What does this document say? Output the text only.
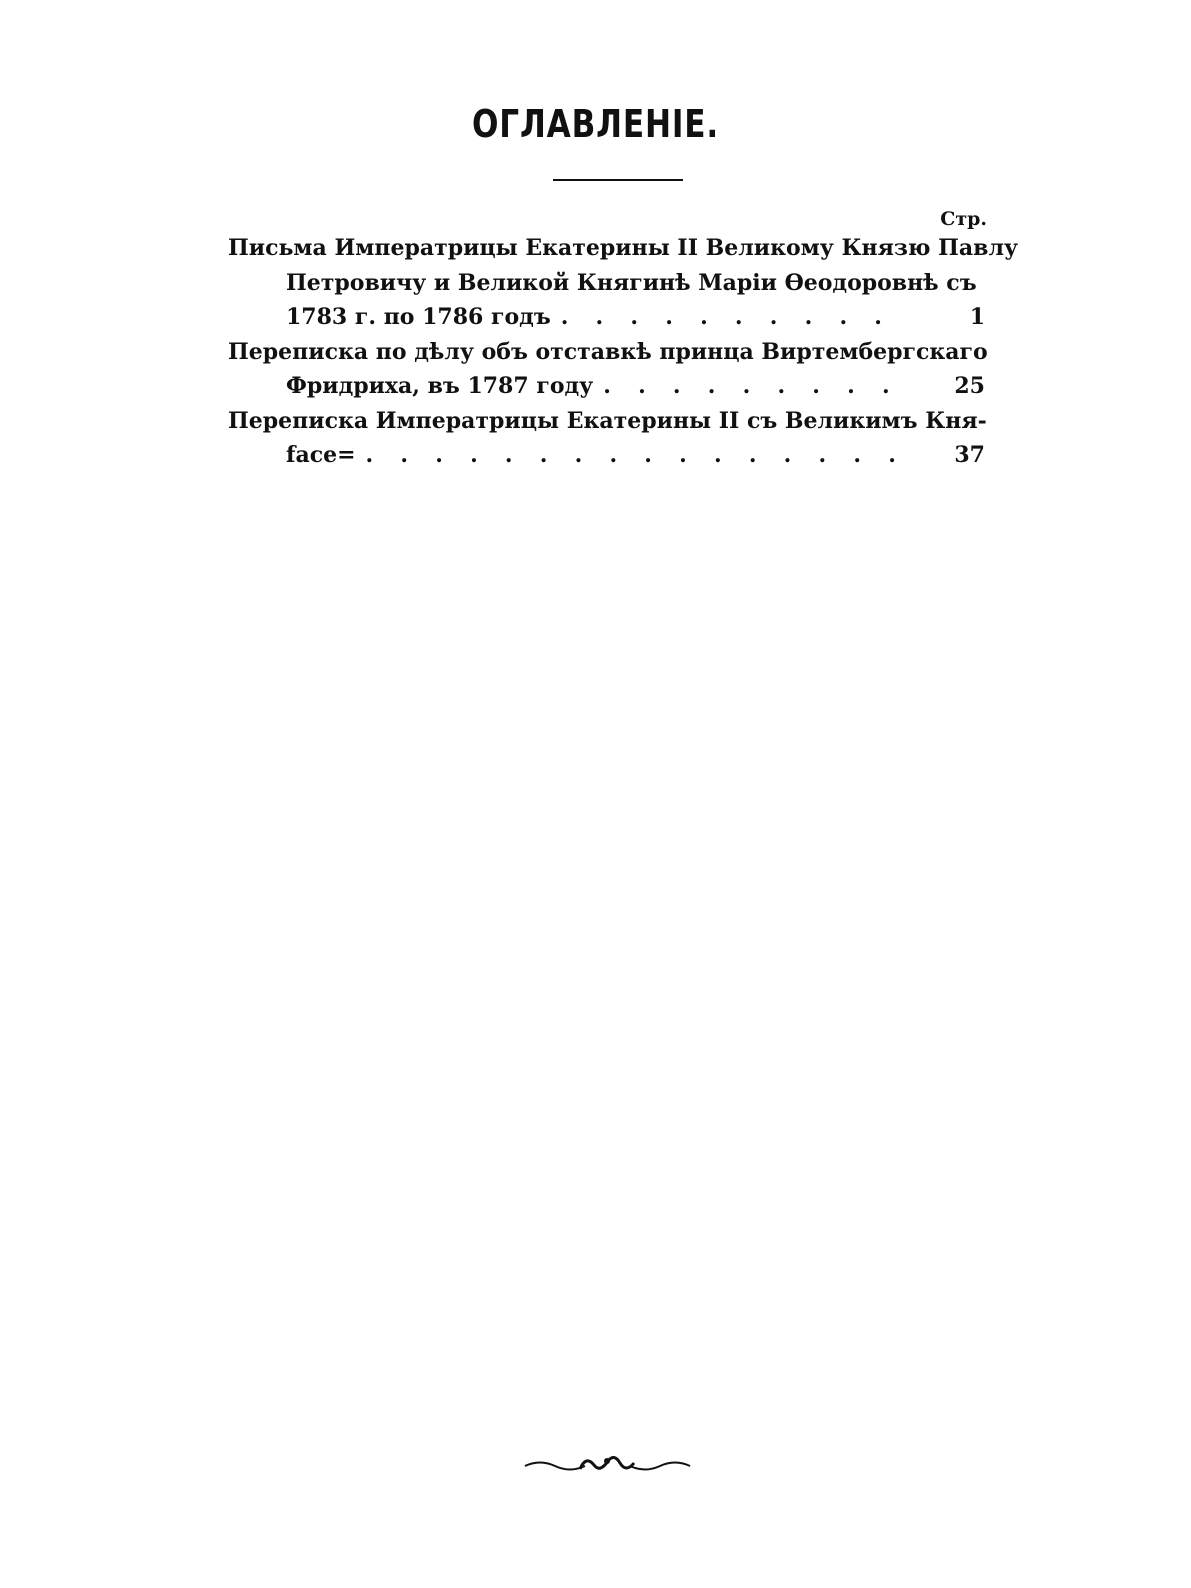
ОГЛАВЛЕНІЕ.
Стр.
Письма Императрицы Екатерины II Великому Князю Павлу
Петровичу и Великой Княгинѣ Маріи Ѳеодоровнѣ съ
1
1783 г. по 1786 годъ
.
Переписка по дѣлу объ отставкѣ принца Виртембергскаго
25
Фридриха, въ 1787 году
.
Переписка Императрицы Екатерины II съ Великимъ Кня-
37
face=
.
